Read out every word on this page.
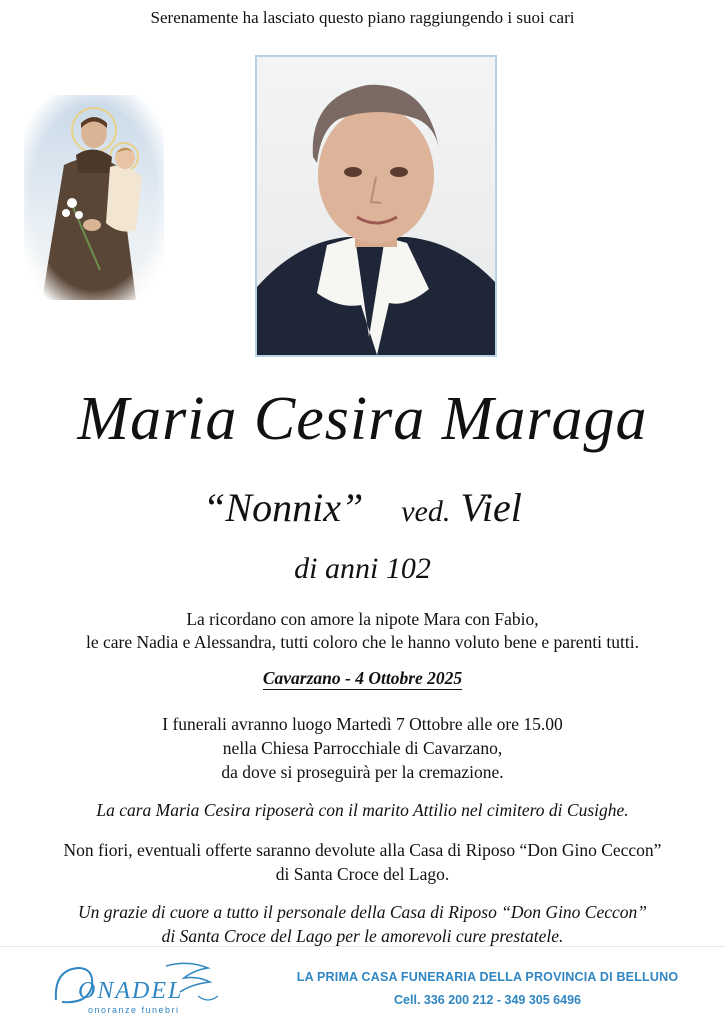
Serenamente ha lasciato questo piano raggiungendo i suoi cari
Maria Cesira Maraga
“Nonnix” ved. Viel
di anni 102
La ricordano con amore la nipote Mara con Fabio,
le care Nadia e Alessandra, tutti coloro che le hanno voluto bene e parenti tutti.
Cavarzano - 4 Ottobre 2025
I funerali avranno luogo Martedì 7 Ottobre alle ore 15.00
nella Chiesa Parrocchiale di Cavarzano,
da dove si proseguirà per la cremazione.
La cara Maria Cesira riposerà con il marito Attilio nel cimitero di Cusighe.
Non fiori, eventuali offerte saranno devolute alla Casa di Riposo “Don Gino Ceccon”
di Santa Croce del Lago.
Un grazie di cuore a tutto il personale della Casa di Riposo “Don Gino Ceccon”
di Santa Croce del Lago per le amorevoli cure prestatele.
ONADEL
onoranze funebri
LA PRIMA CASA FUNERARIA DELLA PROVINCIA DI BELLUNO
Cell. 336 200 212 - 349 305 6496
